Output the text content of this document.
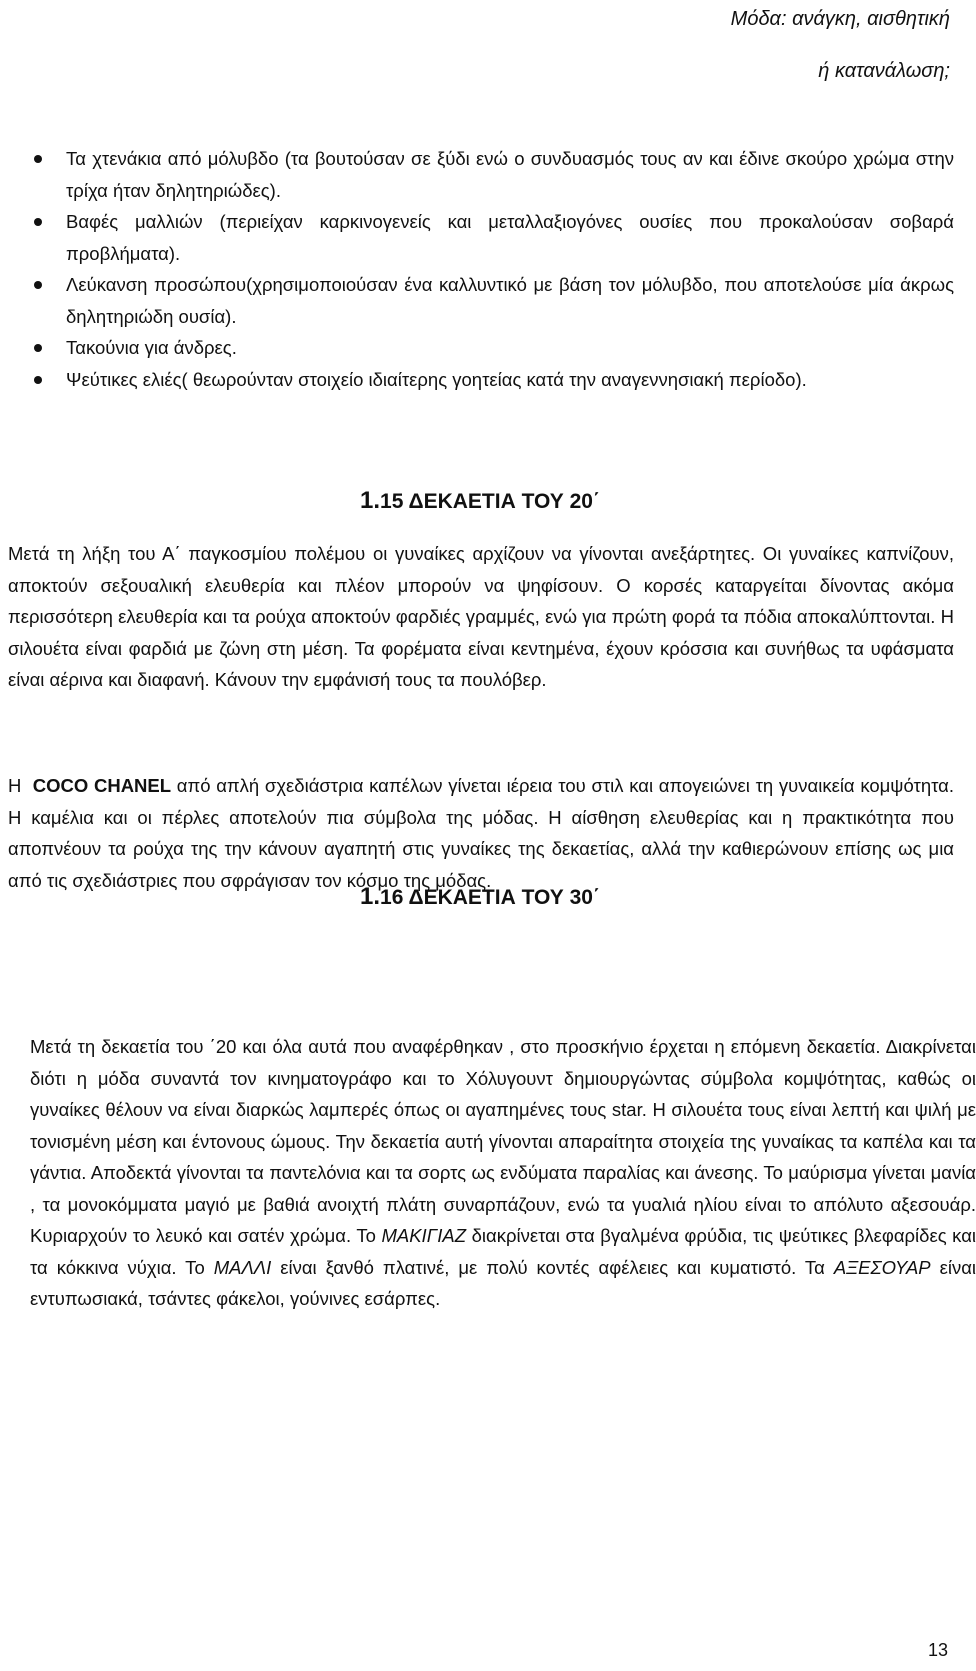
Μόδα: ανάγκη, αισθητική
ή κατανάλωση;
Τα χτενάκια από μόλυβδο (τα βουτούσαν σε ξύδι ενώ ο συνδυασμός τους αν και έδινε σκούρο χρώμα στην τρίχα ήταν δηλητηριώδες).
Βαφές μαλλιών (περιείχαν καρκινογενείς και μεταλλαξιογόνες ουσίες που προκαλούσαν σοβαρά προβλήματα).
Λεύκανση προσώπου(χρησιμοποιούσαν ένα καλλυντικό με βάση τον μόλυβδο, που αποτελούσε μία άκρως δηλητηριώδη ουσία).
Τακούνια για άνδρες.
Ψεύτικες ελιές( θεωρούνταν στοιχείο ιδιαίτερης γοητείας κατά την αναγεννησιακή περίοδο).
1.15 ΔΕΚΑΕΤΙΑ ΤΟΥ 20΄

Μετά τη λήξη του Α΄ παγκοσμίου πολέμου οι γυναίκες αρχίζουν να γίνονται ανεξάρτητες. Οι γυναίκες καπνίζουν, αποκτούν σεξουαλική ελευθερία και πλέον μπορούν να ψηφίσουν. Ο κορσές καταργείται δίνοντας ακόμα περισσότερη ελευθερία και τα ρούχα αποκτούν φαρδιές γραμμές, ενώ για πρώτη φορά τα πόδια αποκαλύπτονται. Η σιλουέτα είναι φαρδιά με ζώνη στη μέση. Τα φορέματα είναι κεντημένα, έχουν κρόσσια και συνήθως τα υφάσματα είναι αέρινα και διαφανή. Κάνουν την εμφάνισή τους τα πουλόβερ.

Η COCO CHANEL από απλή σχεδιάστρια καπέλων γίνεται ιέρεια του στιλ και απογειώνει τη γυναικεία κομψότητα. Η καμέλια και οι πέρλες αποτελούν πια σύμβολα της μόδας. Η αίσθηση ελευθερίας και η πρακτικότητα που αποπνέουν τα ρούχα της την κάνουν αγαπητή στις γυναίκες της δεκαετίας, αλλά την καθιερώνουν επίσης ως μια από τις σχεδιάστριες που σφράγισαν τον κόσμο της μόδας.

1.16 ΔΕΚΑΕΤΙΑ ΤΟΥ 30΄

Μετά τη δεκαετία του ΄20 και όλα αυτά που αναφέρθηκαν , στο προσκήνιο έρχεται η επόμενη δεκαετία. Διακρίνεται διότι η μόδα συναντά τον κινηματογράφο και το Χόλυγουντ δημιουργώντας σύμβολα κομψότητας, καθώς οι γυναίκες θέλουν να είναι διαρκώς λαμπερές όπως οι αγαπημένες τους star. Η σιλουέτα τους είναι λεπτή και ψιλή με τονισμένη μέση και έντονους ώμους. Την δεκαετία αυτή γίνονται απαραίτητα στοιχεία της γυναίκας τα καπέλα και τα γάντια. Αποδεκτά γίνονται τα παντελόνια και τα σορτς ως ενδύματα παραλίας και άνεσης. Το μαύρισμα γίνεται μανία , τα μονοκόμματα μαγιό με βαθιά ανοιχτή πλάτη συναρπάζουν, ενώ τα γυαλιά ηλίου είναι το απόλυτο αξεσουάρ. Κυριαρχούν το λευκό και σατέν χρώμα. Το ΜΑΚΙΓΙΑΖ διακρίνεται στα βγαλμένα φρύδια, τις ψεύτικες βλεφαρίδες και τα κόκκινα νύχια. Το ΜΑΛΛΙ είναι ξανθό πλατινέ, με πολύ κοντές αφέλειες και κυματιστό. Τα ΑΞΕΣΟΥΑΡ είναι εντυπωσιακά, τσάντες φάκελοι, γούνινες εσάρπες.

13
